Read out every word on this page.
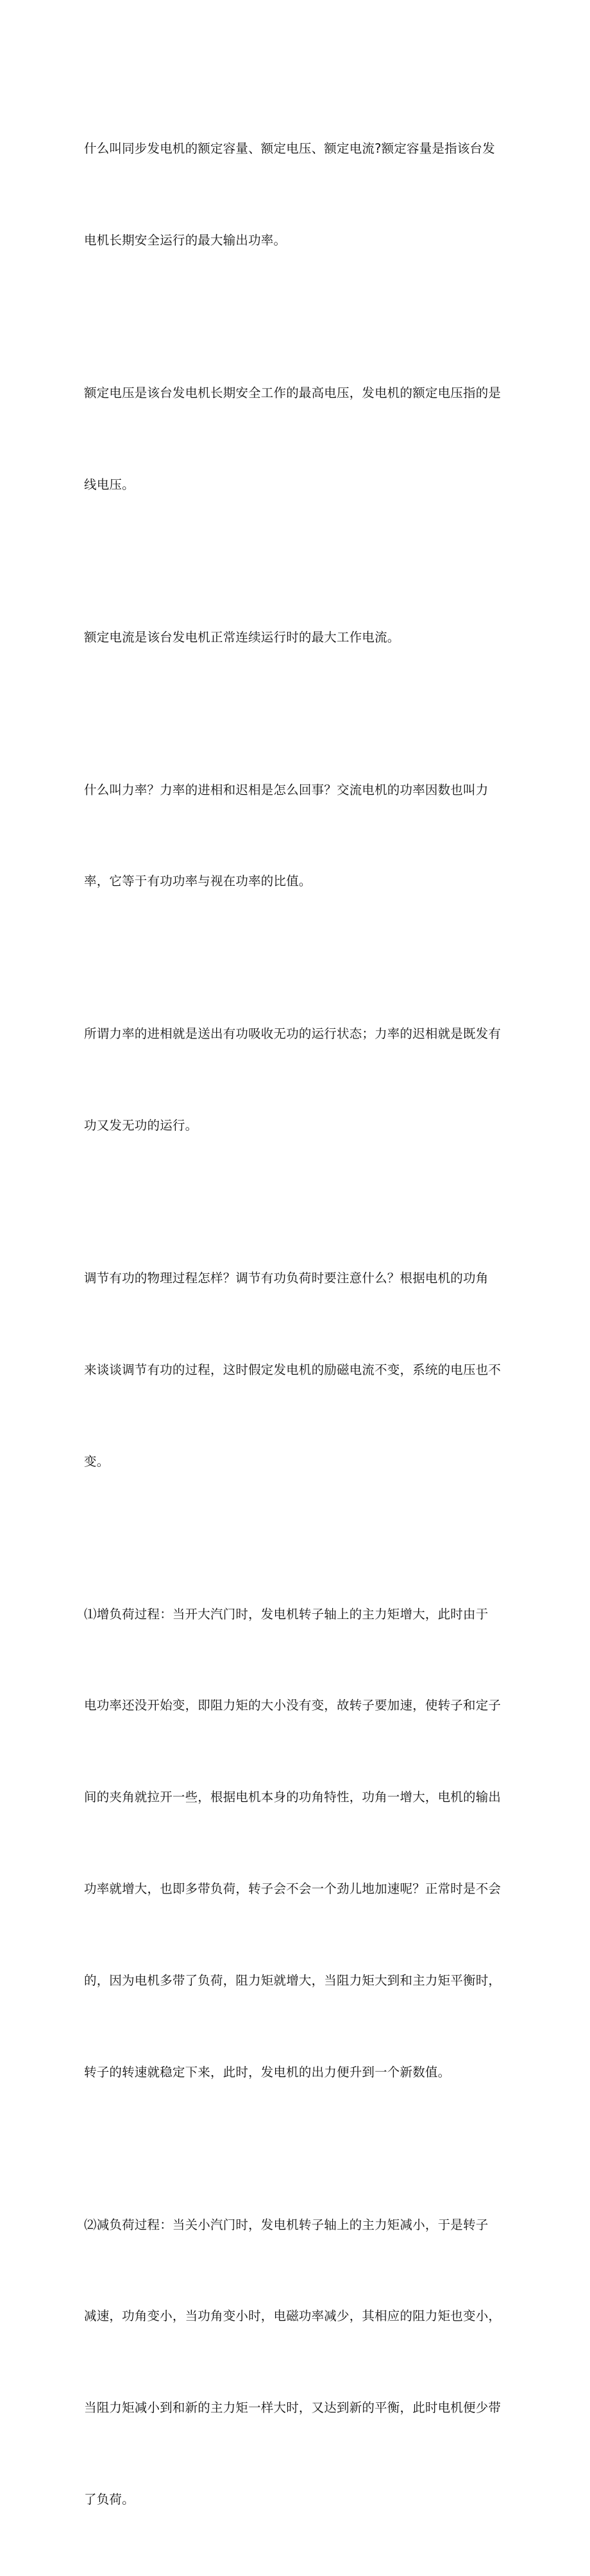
什么叫同步发电机的额定容量、额定电压、额定电流?额定容量是指该台发

电机长期安全运行的最大输出功率。

额定电压是该台发电机长期安全工作的最高电压，发电机的额定电压指的是

线电压。

额定电流是该台发电机正常连续运行时的最大工作电流。

什么叫力率？力率的进相和迟相是怎么回事？交流电机的功率因数也叫力

率，它等于有功功率与视在功率的比值。

所谓力率的进相就是送出有功吸收无功的运行状态；力率的迟相就是既发有

功又发无功的运行。

调节有功的物理过程怎样？调节有功负荷时要注意什么？根据电机的功角

来谈谈调节有功的过程，这时假定发电机的励磁电流不变，系统的电压也不

变。

⑴增负荷过程：当开大汽门时，发电机转子轴上的主力矩增大，此时由于

电功率还没开始变，即阻力矩的大小没有变，故转子要加速，使转子和定子

间的夹角就拉开一些，根据电机本身的功角特性，功角一增大，电机的输出

功率就增大，也即多带负荷，转子会不会一个劲儿地加速呢？正常时是不会

的，因为电机多带了负荷，阻力矩就增大，当阻力矩大到和主力矩平衡时，

转子的转速就稳定下来，此时，发电机的出力便升到一个新数值。

⑵减负荷过程：当关小汽门时，发电机转子轴上的主力矩减小，于是转子

减速，功角变小，当功角变小时，电磁功率减少，其相应的阻力矩也变小，

当阻力矩减小到和新的主力矩一样大时，又达到新的平衡，此时电机便少带

了负荷。
